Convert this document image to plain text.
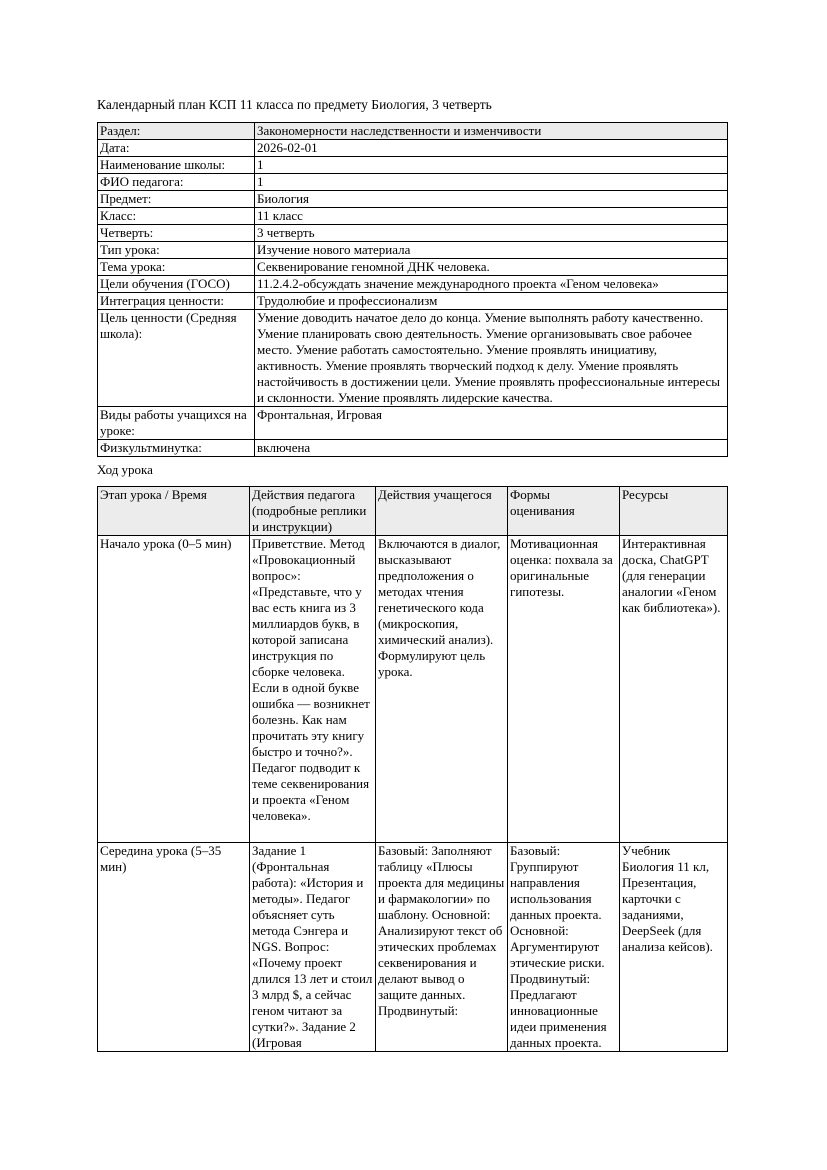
Календарный план КСП 11 класса по предмету Биология, 3 четверть

Раздел:	Закономерности наследственности и изменчивости
Дата:	2026-02-01
Наименование школы:	1
ФИО педагога:	1
Предмет:	Биология
Класс:	11 класс
Четверть:	3 четверть
Тип урока:	Изучение нового материала
Тема урока:	Секвенирование геномной ДНК человека.
Цели обучения (ГОСО)	11.2.4.2-обсуждать значение международного проекта «Геном человека»
Интеграция ценности:	Трудолюбие и профессионализм
Цель ценности (Средняя школа):	Умение доводить начатое дело до конца. Умение выполнять работу качественно. Умение планировать свою деятельность. Умение организовывать свое рабочее место. Умение работать самостоятельно. Умение проявлять инициативу, активность. Умение проявлять творческий подход к делу. Умение проявлять настойчивость в достижении цели. Умение проявлять профессиональные интересы и склонности. Умение проявлять лидерские качества.
Виды работы учащихся на уроке:	Фронтальная, Игровая
Физкультминутка:	включена

Ход урока

Этап урока / Время	Действия педагога (подробные реплики и инструкции)	Действия учащегося	Формы оценивания	Ресурсы
Начало урока (0–5 мин)	Приветствие. Метод «Провокационный вопрос»: «Представьте, что у вас есть книга из 3 миллиардов букв, в которой записана инструкция по сборке человека. Если в одной букве ошибка — возникнет болезнь. Как нам прочитать эту книгу быстро и точно?». Педагог подводит к теме секвенирования и проекта «Геном человека».	Включаются в диалог, высказывают предположения о методах чтения генетического кода (микроскопия, химический анализ). Формулируют цель урока.	Мотивационная оценка: похвала за оригинальные гипотезы.	Интерактивная доска, ChatGPT (для генерации аналогии «Геном как библиотека»).
Середина урока (5–35 мин)	Задание 1 (Фронтальная работа): «История и методы». Педагог объясняет суть метода Сэнгера и NGS. Вопрос: «Почему проект длился 13 лет и стоил 3 млрд $, а сейчас геном читают за сутки?». Задание 2 (Игровая	Базовый: Заполняют таблицу «Плюсы проекта для медицины и фармакологии» по шаблону. Основной: Анализируют текст об этических проблемах секвенирования и делают вывод о защите данных. Продвинутый:	Базовый: Группируют направления использования данных проекта. Основной: Аргументируют этические риски. Продвинутый: Предлагают инновационные идеи применения данных проекта.	Учебник Биология 11 кл, Презентация, карточки с заданиями, DeepSeek (для анализа кейсов).
